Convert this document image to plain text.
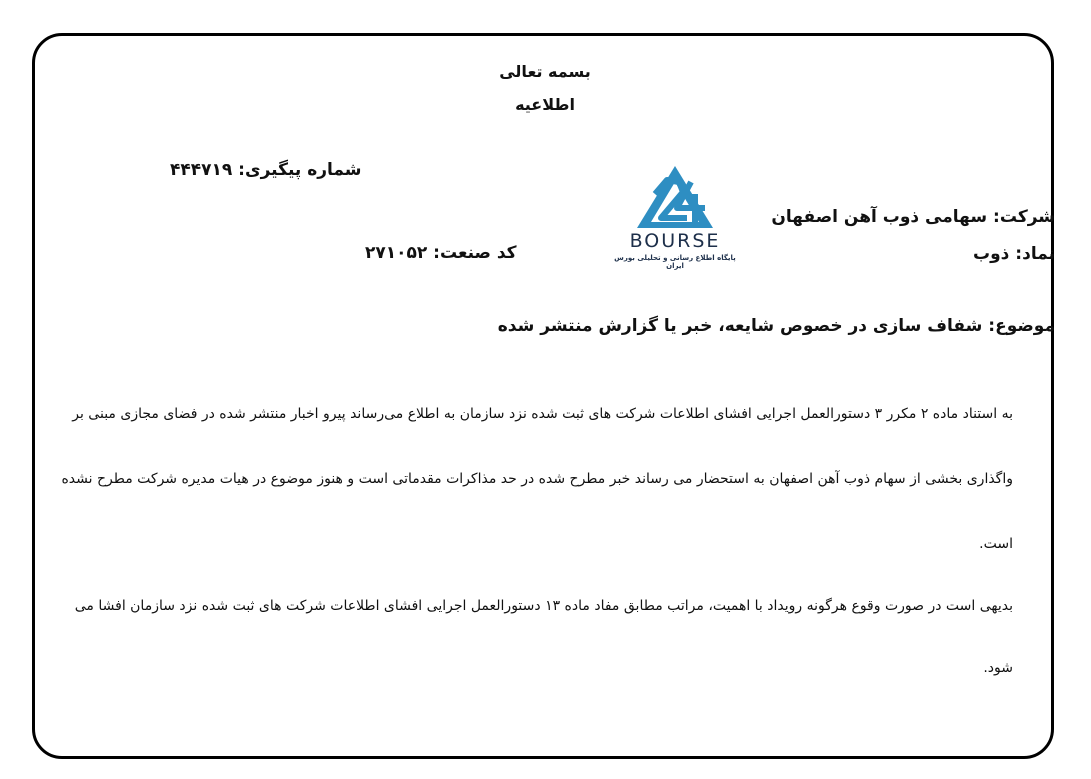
بسمه تعالی
اطلاعیه
شماره پیگیری: ۴۴۴۷۱۹
BOURSE
پایگاه اطلاع رسانی و تحلیلی بورس ایران
شرکت: سهامی ذوب آهن اصفهان
نماد: ذوب
کد صنعت: ۲۷۱۰۵۲
موضوع: شفاف سازی در خصوص شایعه، خبر یا گزارش منتشر شده
به استناد ماده ۲ مکرر ۳ دستورالعمل اجرایی افشای اطلاعات شرکت های ثبت شده نزد سازمان به اطلاع می‌رساند پیرو اخبار منتشر شده در فضای مجازی مبنی بر
واگذاری بخشی از سهام ذوب آهن اصفهان به استحضار می رساند خبر مطرح شده در حد مذاکرات مقدماتی است و هنوز موضوع در هیات مدیره شرکت مطرح نشده
است.
بدیهی است در صورت وقوع هرگونه رویداد با اهمیت، مراتب مطابق مفاد ماده ۱۳ دستورالعمل اجرایی افشای اطلاعات شرکت های ثبت شده نزد سازمان افشا می
شود.
